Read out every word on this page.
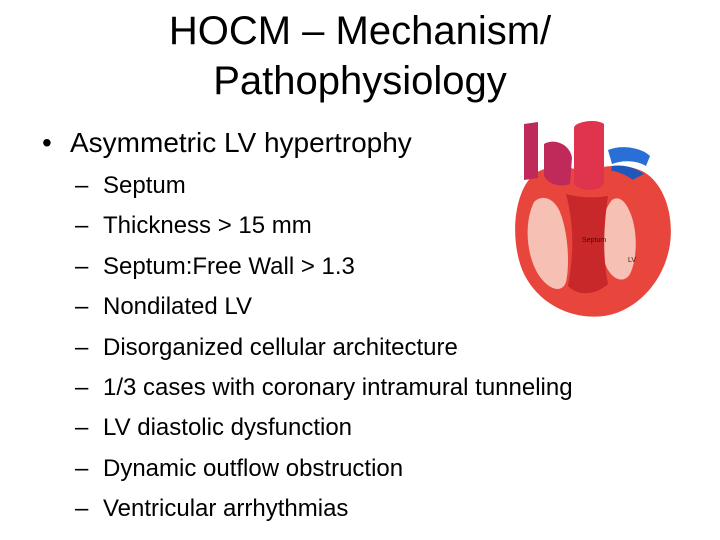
HOCM – Mechanism/
Pathophysiology
• Asymmetric LV hypertrophy
– Septum
– Thickness > 15 mm
– Septum:Free Wall > 1.3
– Nondilated LV
– Disorganized cellular architecture
– 1/3 cases with coronary intramural tunneling
– LV diastolic dysfunction
– Dynamic outflow obstruction
– Ventricular arrhythmias
Septum
LV
